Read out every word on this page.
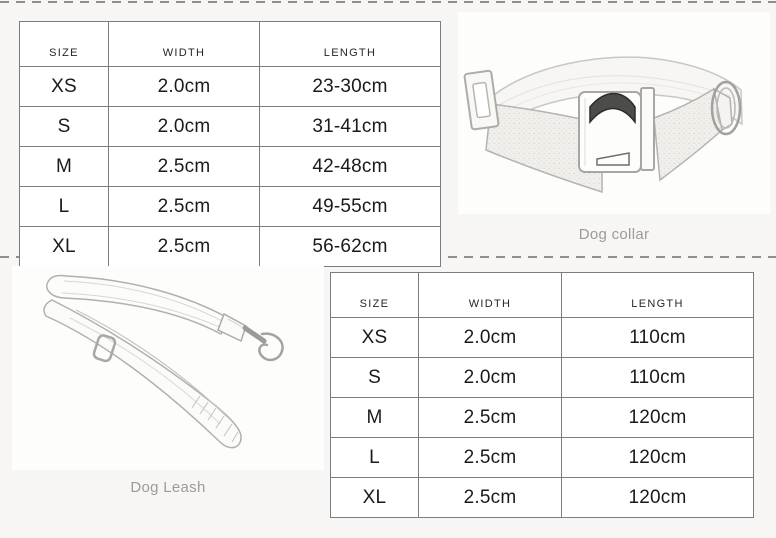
SIZE	WIDTH	LENGTH
XS	2.0cm	23-30cm
S	2.0cm	31-41cm
M	2.5cm	42-48cm
L	2.5cm	49-55cm
XL	2.5cm	56-62cm
Dog collar
Dog Leash
SIZE	WIDTH	LENGTH
XS	2.0cm	110cm
S	2.0cm	110cm
M	2.5cm	120cm
L	2.5cm	120cm
XL	2.5cm	120cm
